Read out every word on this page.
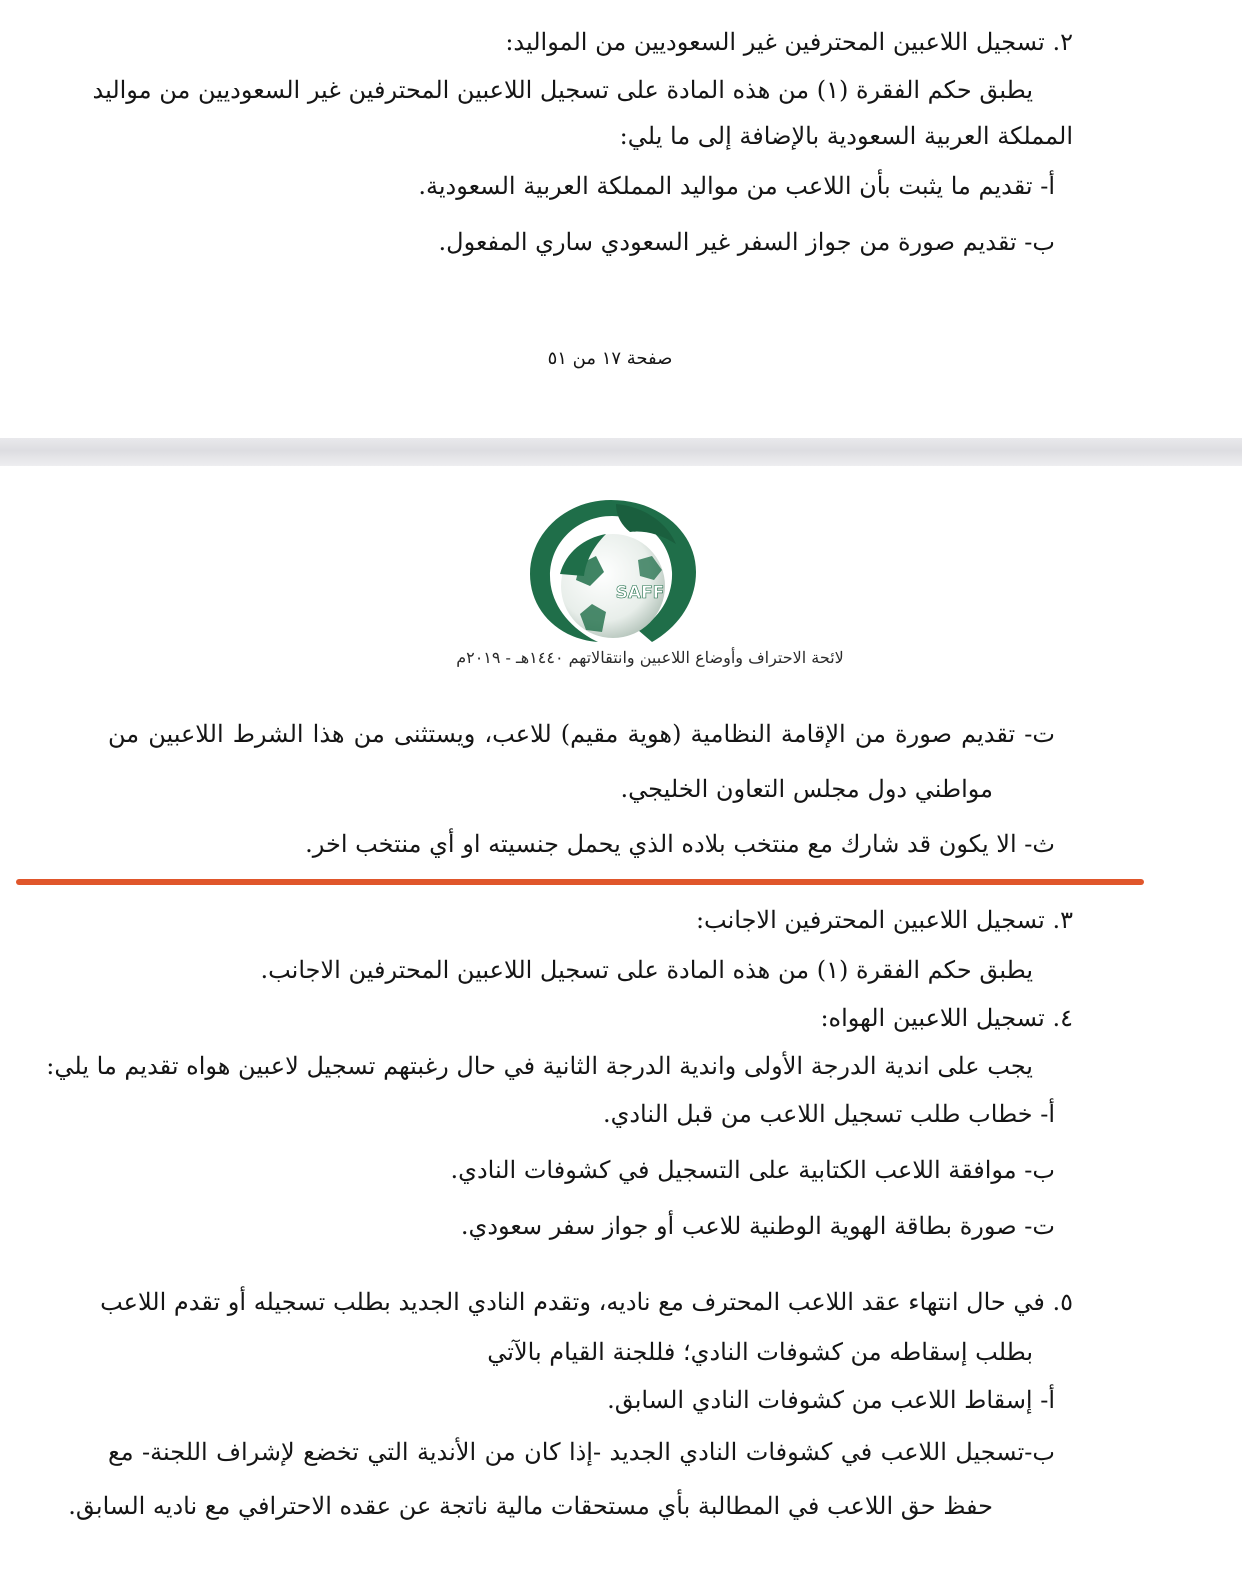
٢. تسجيل اللاعبين المحترفين غير السعوديين من المواليد:
يطبق حكم الفقرة (١) من هذه المادة على تسجيل اللاعبين المحترفين غير السعوديين من مواليد
المملكة العربية السعودية بالإضافة إلى ما يلي:
أ- تقديم ما يثبت بأن اللاعب من مواليد المملكة العربية السعودية.
ب- تقديم صورة من جواز السفر غير السعودي ساري المفعول.
صفحة ١٧ من ٥١
SAFF
لائحة الاحتراف وأوضاع اللاعبين وانتقالاتهم ١٤٤٠هـ - ٢٠١٩م
ت- تقديم صورة من الإقامة النظامية (هوية مقيم) للاعب، ويستثنى من هذا الشرط اللاعبين من
مواطني دول مجلس التعاون الخليجي.
ث- الا يكون قد شارك مع منتخب بلاده الذي يحمل جنسيته او أي منتخب اخر.
٣. تسجيل اللاعبين المحترفين الاجانب:
يطبق حكم الفقرة (١) من هذه المادة على تسجيل اللاعبين المحترفين الاجانب.
٤. تسجيل اللاعبين الهواه:
يجب على اندية الدرجة الأولى واندية الدرجة الثانية في حال رغبتهم تسجيل لاعبين هواه تقديم ما يلي:
أ- خطاب طلب تسجيل اللاعب من قبل النادي.
ب- موافقة اللاعب الكتابية على التسجيل في كشوفات النادي.
ت- صورة بطاقة الهوية الوطنية للاعب أو جواز سفر سعودي.
٥. في حال انتهاء عقد اللاعب المحترف مع ناديه، وتقدم النادي الجديد بطلب تسجيله أو تقدم اللاعب
بطلب إسقاطه من كشوفات النادي؛ فللجنة القيام بالآتي
أ- إسقاط اللاعب من كشوفات النادي السابق.
ب-تسجيل اللاعب في كشوفات النادي الجديد -إذا كان من الأندية التي تخضع لإشراف اللجنة- مع
حفظ حق اللاعب في المطالبة بأي مستحقات مالية ناتجة عن عقده الاحترافي مع ناديه السابق.
